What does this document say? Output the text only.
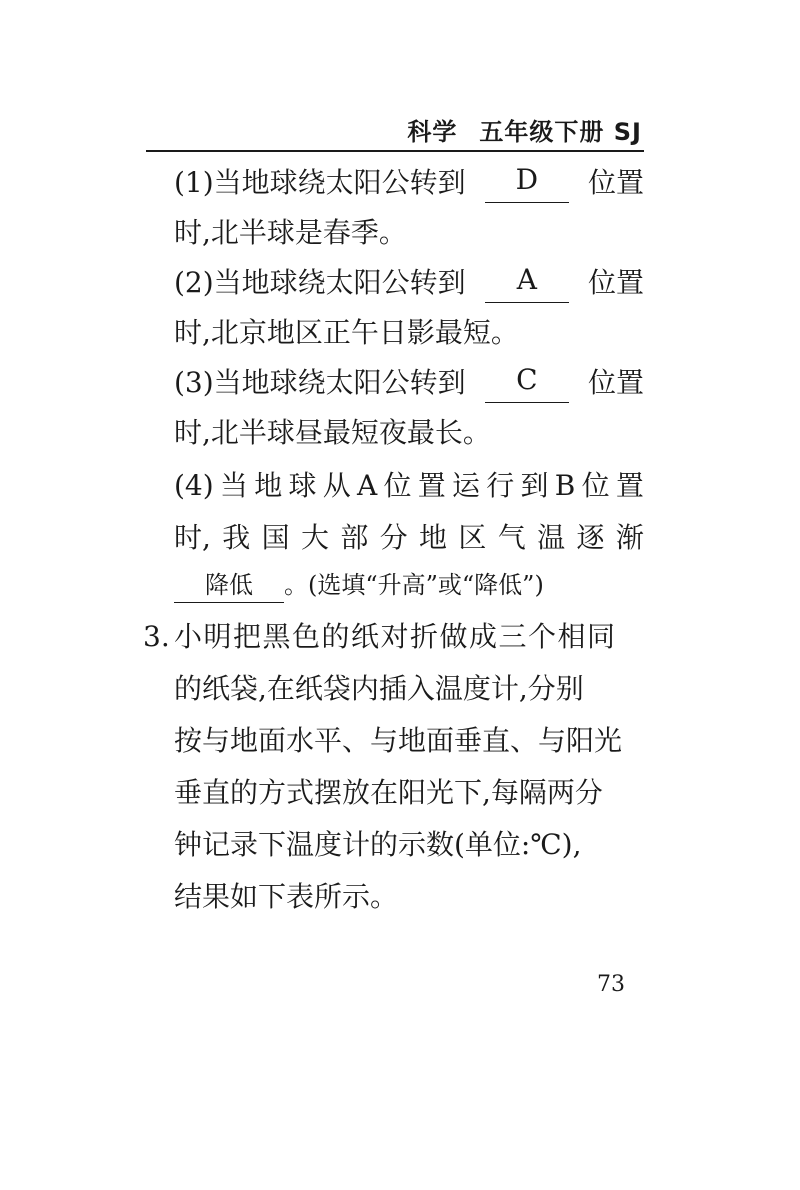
科学 五年级下册 SJ
(1)当地球绕太阳公转到	D	位置
时,北半球是春季。
(2)当地球绕太阳公转到	A	位置
时,北京地区正午日影最短。
(3)当地球绕太阳公转到	C	位置
时,北半球昼最短夜最长。
(4) 当 地 球 从 A 位 置 运 行 到 B 位 置
时, 我 国 大 部 分 地 区 气 温 逐 渐
降低 。(选填“升高”或“降低”)
3. 小明把黑色的纸对折做成三个相同
的纸袋,在纸袋内插入温度计,分别
按与地面水平、与地面垂直、与阳光
垂直的方式摆放在阳光下,每隔两分
钟记录下温度计的示数(单位:℃),
结果如下表所示。
73
